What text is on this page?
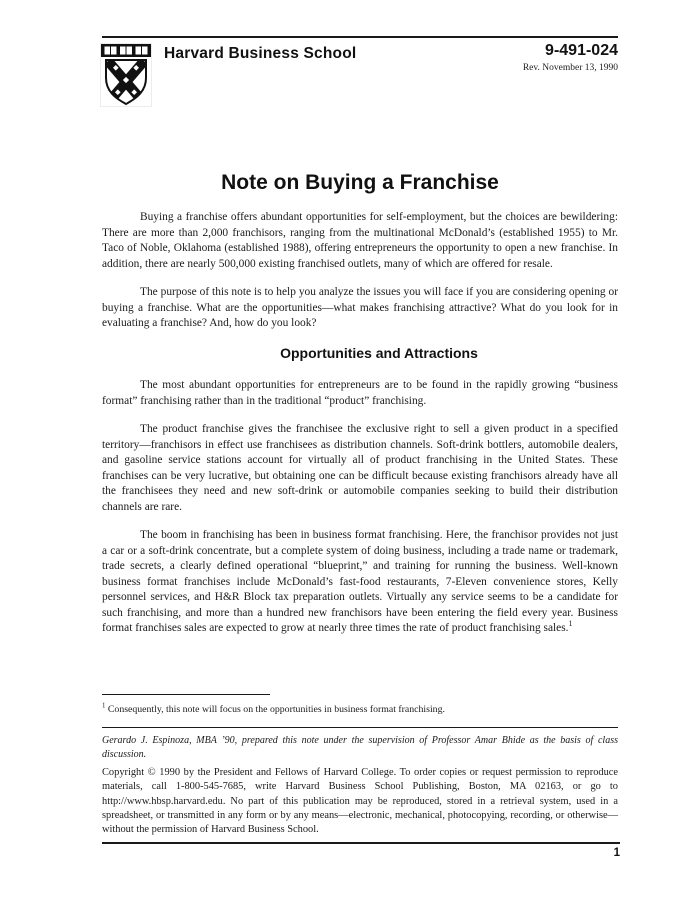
Harvard Business School	9-491-024
Rev. November 13, 1990
Note on Buying a Franchise

Buying a franchise offers abundant opportunities for self-employment, but the choices are bewildering: There are more than 2,000 franchisors, ranging from the multinational McDonald’s (established 1955) to Mr. Taco of Noble, Oklahoma (established 1988), offering entrepreneurs the opportunity to open a new franchise. In addition, there are nearly 500,000 existing franchised outlets, many of which are offered for resale.

The purpose of this note is to help you analyze the issues you will face if you are considering opening or buying a franchise. What are the opportunities—what makes franchising attractive? What do you look for in evaluating a franchise? And, how do you look?

Opportunities and Attractions

The most abundant opportunities for entrepreneurs are to be found in the rapidly growing “business format” franchising rather than in the traditional “product” franchising.

The product franchise gives the franchisee the exclusive right to sell a given product in a specified territory—franchisors in effect use franchisees as distribution channels. Soft-drink bottlers, automobile dealers, and gasoline service stations account for virtually all of product franchising in the United States. These franchises can be very lucrative, but obtaining one can be difficult because existing franchisors already have all the franchisees they need and new soft-drink or automobile companies seeking to build their distribution channels are rare.

The boom in franchising has been in business format franchising. Here, the franchisor provides not just a car or a soft-drink concentrate, but a complete system of doing business, including a trade name or trademark, trade secrets, a clearly defined operational “blueprint,” and training for running the business. Well-known business format franchises include McDonald’s fast-food restaurants, 7-Eleven convenience stores, Kelly personnel services, and H&R Block tax preparation outlets. Virtually any service seems to be a candidate for such franchising, and more than a hundred new franchisors have been entering the field every year. Business format franchises sales are expected to grow at nearly three times the rate of product franchising sales.$^1$

$^1$ Consequently, this note will focus on the opportunities in business format franchising.
Gerardo J. Espinoza, MBA ’90, prepared this note under the supervision of Professor Amar Bhide as the basis of class discussion.
Copyright © 1990 by the President and Fellows of Harvard College. To order copies or request permission to reproduce materials, call 1-800-545-7685, write Harvard Business School Publishing, Boston, MA 02163, or go to http://www.hbsp.harvard.edu. No part of this publication may be reproduced, stored in a retrieval system, used in a spreadsheet, or transmitted in any form or by any means—electronic, mechanical, photocopying, recording, or otherwise—without the permission of Harvard Business School.
1
